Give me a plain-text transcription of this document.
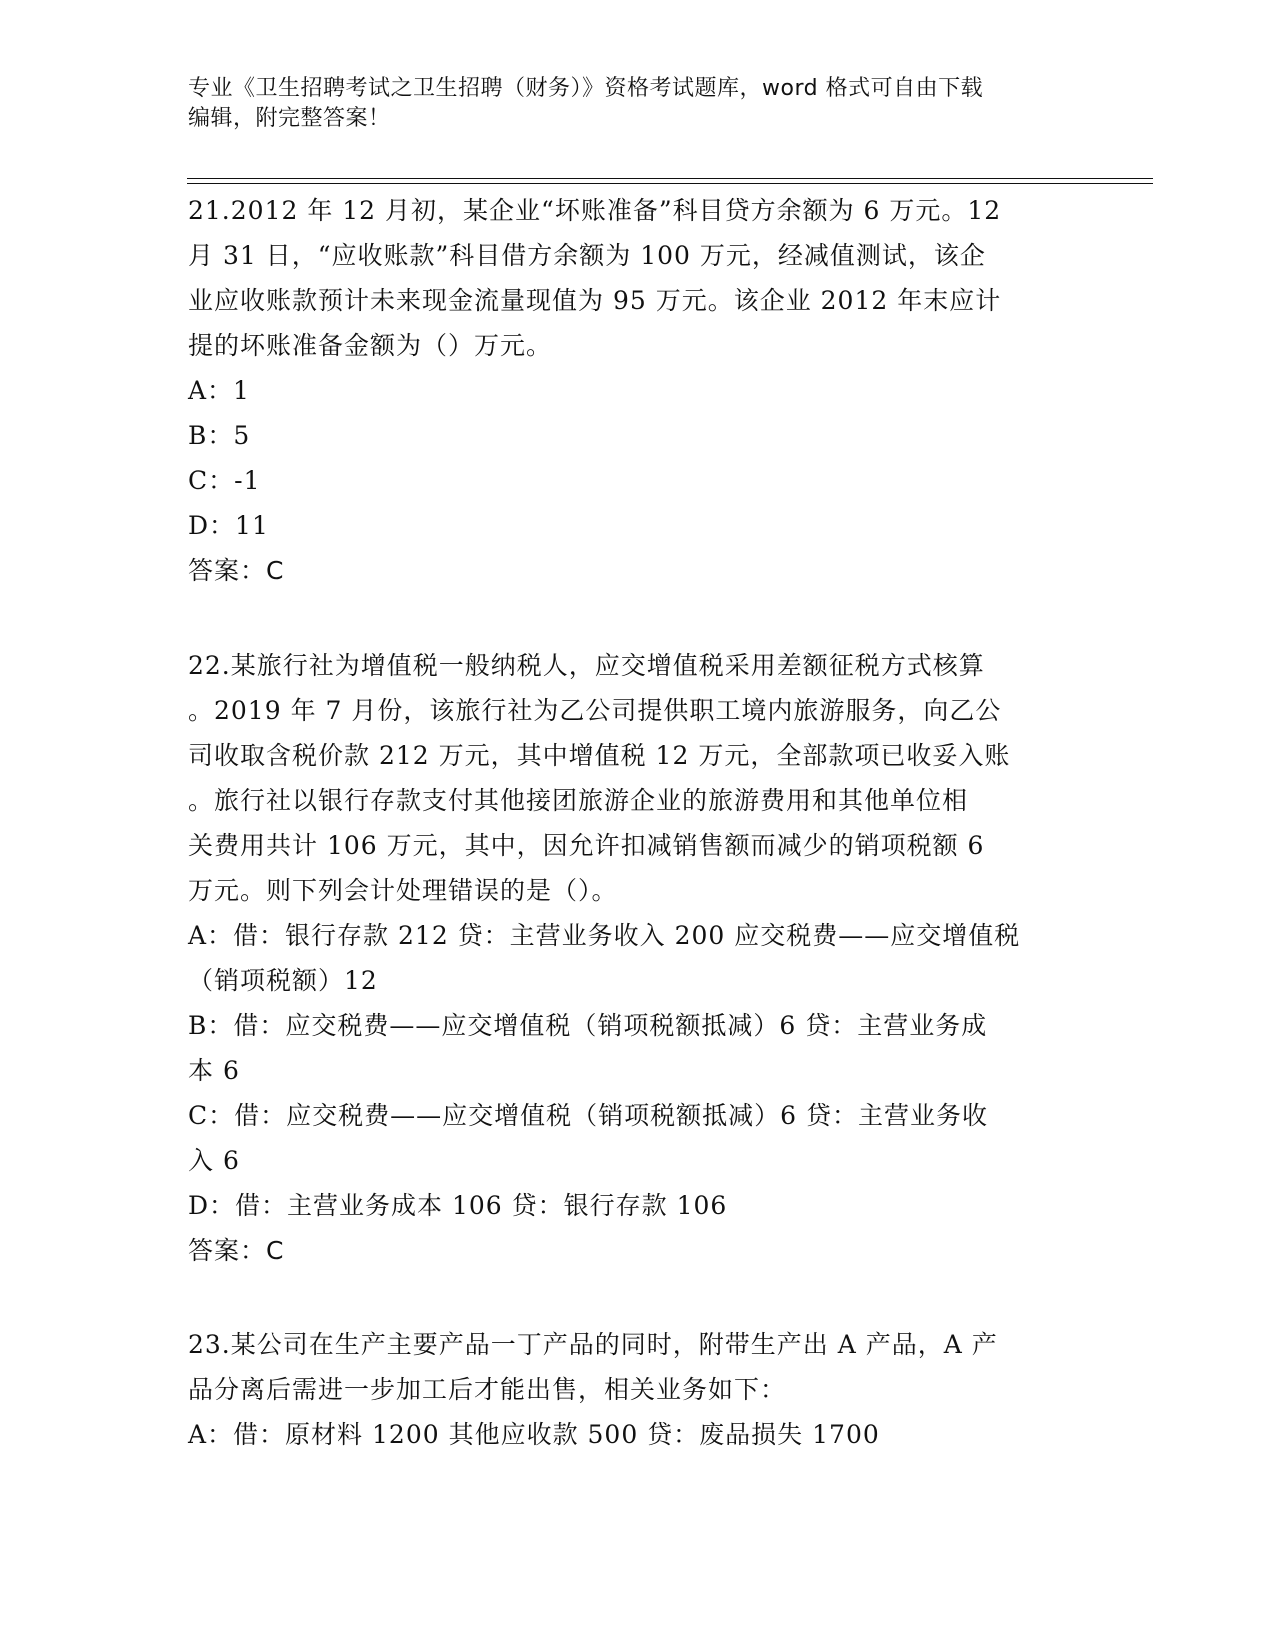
专业《卫生招聘考试之卫生招聘（财务）》资格考试题库，word 格式可自由下载
编辑，附完整答案！

21.2012 年 12 月初，某企业“坏账准备”科目贷方余额为 6 万元。12

月 31 日，“应收账款”科目借方余额为 100 万元，经减值测试，该企

业应收账款预计未来现金流量现值为 95 万元。该企业 2012 年末应计

提的坏账准备金额为（）万元。

A：1

B：5

C：-1

D：11

答案：C

22.某旅行社为增值税一般纳税人，应交增值税采用差额征税方式核算

。2019 年 7 月份，该旅行社为乙公司提供职工境内旅游服务，向乙公

司收取含税价款 212 万元，其中增值税 12 万元，全部款项已收妥入账

。旅行社以银行存款支付其他接团旅游企业的旅游费用和其他单位相

关费用共计 106 万元，其中，因允许扣减销售额而减少的销项税额 6

万元。则下列会计处理错误的是（）。

A：借：银行存款 212 贷：主营业务收入 200 应交税费——应交增值税

（销项税额）12

B：借：应交税费——应交增值税（销项税额抵减）6 贷：主营业务成

本 6

C：借：应交税费——应交增值税（销项税额抵减）6 贷：主营业务收

入 6

D：借：主营业务成本 106 贷：银行存款 106

答案：C

23.某公司在生产主要产品一丁产品的同时，附带生产出 A 产品，A 产

品分离后需进一步加工后才能出售，相关业务如下：

A：借：原材料 1200 其他应收款 500 贷：废品损失 1700
